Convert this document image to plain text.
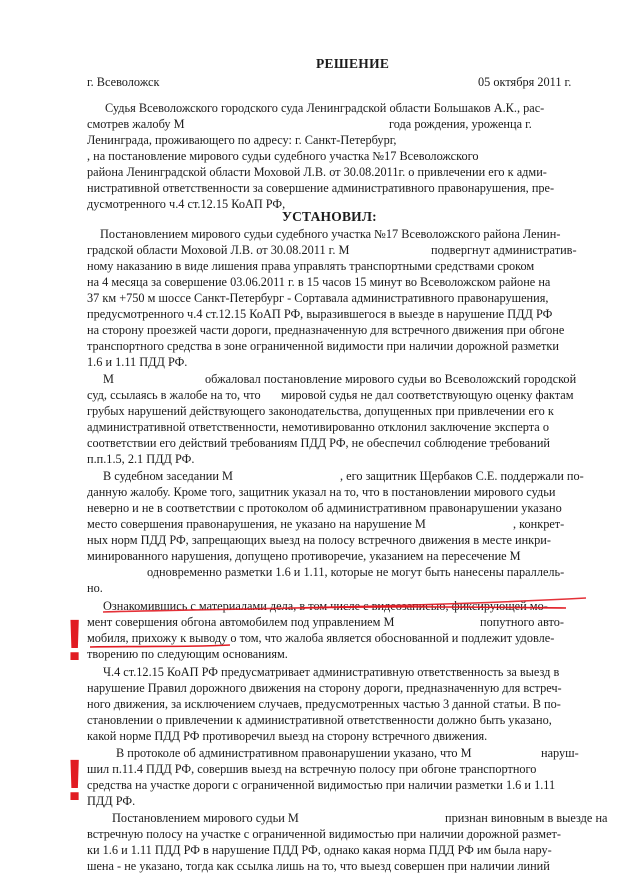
РЕШЕНИЕ
г. Всеволожск	05 октября 2011 г.
Судья Всеволожского городского суда Ленинградской области Большаков А.К., рас-
смотрев жалобу М	года рождения, уроженца г.
Ленинграда, проживающего по адресу: г. Санкт-Петербург,
, на постановление мирового судьи судебного участка №17 Всеволожского
района Ленинградской области Моховой Л.В. от 30.08.2011г. о привлечении его к адми-
нистративной ответственности за совершение административного правонарушения, пре-
дусмотренного ч.4 ст.12.15 КоАП РФ,
УСТАНОВИЛ:
Постановлением мирового судьи судебного участка №17 Всеволожского района Ленин-
градской области Моховой Л.В. от 30.08.2011 г. М	подвергнут административ-
ному наказанию в виде лишения права управлять транспортными средствами сроком
на 4 месяца за совершение 03.06.2011 г. в 15 часов 15 минут во Всеволожском районе на
37 км +750 м шоссе Санкт-Петербург - Сортавала административного правонарушения,
предусмотренного ч.4 ст.12.15 КоАП РФ, выразившегося в выезде в нарушение ПДД РФ
на сторону проезжей части дороги, предназначенную для встречного движения при обгоне
транспортного средства в зоне ограниченной видимости при наличии дорожной разметки
1.6 и 1.11 ПДД РФ.
М	обжаловал постановление мирового судьи во Всеволожский городской
суд, ссылаясь в жалобе на то, что мировой судья не дал соответствующую оценку фактам
грубых нарушений действующего законодательства, допущенных при привлечении его к
административной ответственности, немотивированно отклонил заключение эксперта о
соответствии его действий требованиям ПДД РФ, не обеспечил соблюдение требований
п.п.1.5, 2.1 ПДД РФ.
В судебном заседании М	, его защитник Щербаков С.Е. поддержали по-
данную жалобу. Кроме того, защитник указал на то, что в постановлении мирового судьи
неверно и не в соответствии с протоколом об административном правонарушении указано
место совершения правонарушения, не указано на нарушение М	, конкрет-
ных норм ПДД РФ, запрещающих выезд на полосу встречного движения в месте инкри-
минированного нарушения, допущено противоречие, указанием на пересечение М
одновременно разметки 1.6 и 1.11, которые не могут быть нанесены параллель-
но.
Ознакомившись с материалами дела, в том числе с видеозаписью, фиксирующей мо-
мент совершения обгона автомобилем под управлением М	попутного авто-
мобиля, прихожу к выводу о том, что жалоба является обоснованной и подлежит удовле-
творению по следующим основаниям.
Ч.4 ст.12.15 КоАП РФ предусматривает административную ответственность за выезд в
нарушение Правил дорожного движения на сторону дороги, предназначенную для встреч-
ного движения, за исключением случаев, предусмотренных частью 3 данной статьи. В по-
становлении о привлечении к административной ответственности должно быть указано,
какой норме ПДД РФ противоречил выезд на сторону встречного движения.
В протоколе об административном правонарушении указано, что М	наруш-
шил п.11.4 ПДД РФ, совершив выезд на встречную полосу при обгоне транспортного
средства на участке дороги с ограниченной видимостью при наличии разметки 1.6 и 1.11
ПДД РФ.
Постановлением мирового судьи М	признан виновным в выезде на
встречную полосу на участке с ограниченной видимостью при наличии дорожной размет-
ки 1.6 и 1.11 ПДД РФ в нарушение ПДД РФ, однако какая норма ПДД РФ им была нару-
шена - не указано, тогда как ссылка лишь на то, что выезд совершен при наличии линий
!
!
